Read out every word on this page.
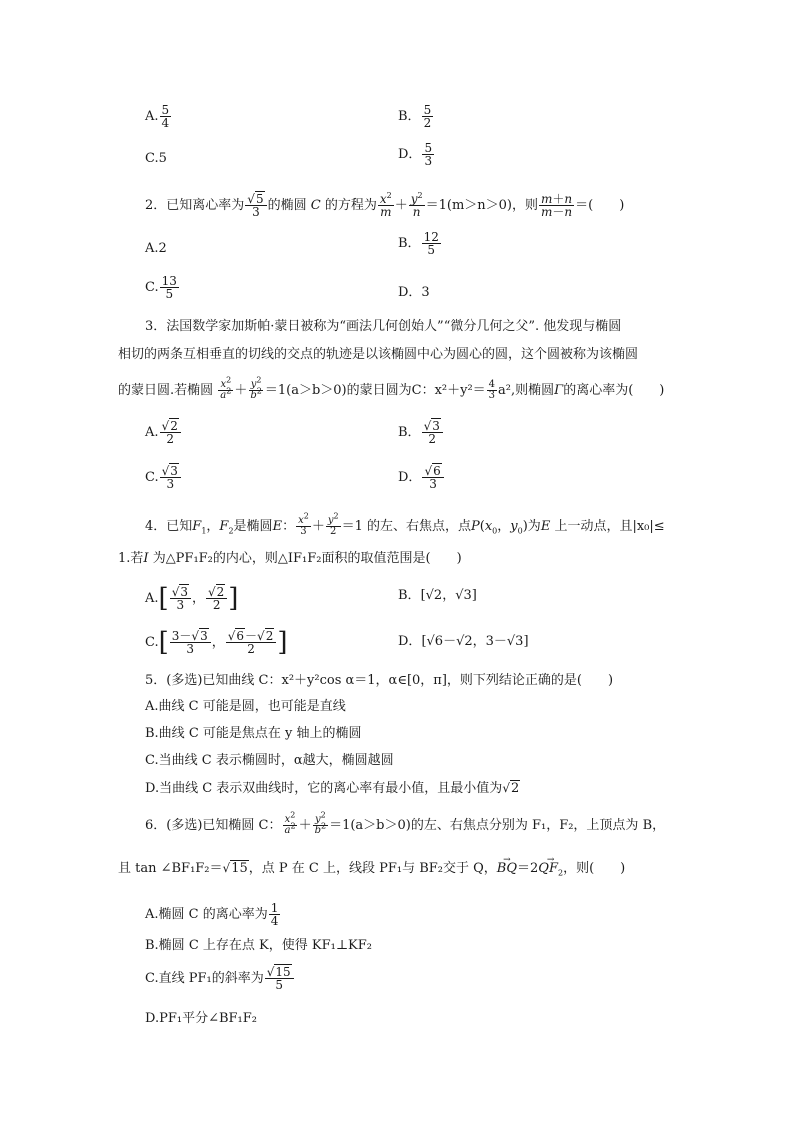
A. $\frac{5}{4}$	B． $\frac{5}{2}$
C.5	D． $\frac{5}{3}$
2．已知离心率为 $\frac{√5}{3}$ 的椭圆 C 的方程为 $\frac{x^2}{m} + \frac{y^2}{n} =1(m>n>0)$，则 $\frac{m+n}{m-n}$ ＝(　　)
A.2	B． $\frac{12}{5}$
C. $\frac{13}{5}$	D．3
3．法国数学家加斯帕·蒙日被称为“画法几何创始人”“微分几何之父”. 他发现与椭圆
相切的两条互相垂直的切线的交点的轨迹是以该椭圆中心为圆心的圆，这个圆被称为该椭圆
的蒙日圆.若椭圆 $\frac{x^2}{a^2} + \frac{y^2}{b^2} =1(a>b>0)$的蒙日圆为C：$x^2+y^2= \frac{4}{3} a^2$,则椭圆Γ的离心率为(　　)
A. $\frac{√2}{2}$	B． $\frac{√3}{2}$
C. $\frac{√3}{3}$	D． $\frac{√6}{3}$
4．已知$F_1$，$F_2$是椭圆E： $\frac{x^2}{3} + \frac{y^2}{2} =1$ 的左、右焦点，点$P(x_0$，$y_0$)为E 上一动点，且|x₀|≤
1.若I 为△PF₁F₂的内心，则△IF₁F₂面积的取值范围是(　　)
$A.[ \frac{√3}{3}$ ， $\frac{√2}{2}$ ]	B．[√2，√3]
$C.[ \frac{3-√3}{3}$ ， $\frac{√6-√2}{2}$ ]	D．[√6－√2，3－√3]
5．(多选)已知曲线 C：x²＋y²cos α＝1，α∈[0，π]，则下列结论正确的是(　　)
A.曲线 C 可能是圆，也可能是直线
B.曲线 C 可能是焦点在 y 轴上的椭圆
C.当曲线 C 表示椭圆时，α越大，椭圆越圆
D.当曲线 C 表示双曲线时，它的离心率有最小值，且最小值为√2
6．(多选)已知椭圆 C： $\frac{x^2}{a^2} + \frac{y^2}{b^2} =1(a>b>0)$的左、右焦点分别为 F₁，F₂，上顶点为 B，
且 tan ∠BF₁F₂＝√15，点 P 在 C 上，线段 PF₁与 BF₂交于 Q，→ $BQ=2\to QF_2$，则(　　)
A.椭圆 C 的离心率为 $\frac{1}{4}$
B.椭圆 C 上存在点 K，使得 KF₁⊥KF₂
C.直线 PF₁的斜率为 $\frac{√15}{5}$
D.PF₁平分∠BF₁F₂
